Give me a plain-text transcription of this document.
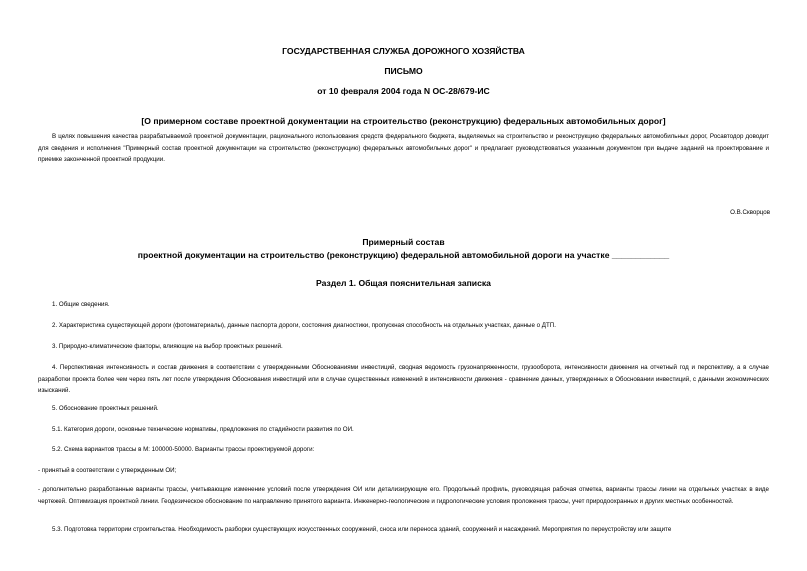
ГОСУДАРСТВЕННАЯ СЛУЖБА ДОРОЖНОГО ХОЗЯЙСТВА
ПИСЬМО
от 10 февраля 2004 года N ОС-28/679-ИС
[О примерном составе проектной документации на строительство (реконструкцию) федеральных автомобильных дорог]
В целях повышения качества разрабатываемой проектной документации, рационального использования средств федерального бюджета, выделяемых на строительство и реконструкцию федеральных автомобильных дорог, Росавтодор доводит для сведения и исполнения "Примерный состав проектной документации на строительство (реконструкцию) федеральных автомобильных дорог" и предлагает руководствоваться указанным документом при выдаче заданий на проектирование и приемке законченной проектной продукции.
О.В.Скворцов
Примерный состав
проектной документации на строительство (реконструкцию) федеральной автомобильной дороги на участке ____________
Раздел 1. Общая пояснительная записка
1. Общие сведения.
2. Характеристика существующей дороги (фотоматериалы), данные паспорта дороги, состояния диагностики, пропускная способность на отдельных участках, данные о ДТП.
3. Природно-климатические факторы, влияющие на выбор проектных решений.
4. Перспективная интенсивность и состав движения в соответствии с утвержденными Обоснованиями инвестиций, сводная ведомость грузонапряженности, грузооборота, интенсивности движения на отчетный год и перспективу, а в случае разработки проекта более чем через пять лет после утверждения Обоснования инвестиций или в случае существенных изменений в интенсивности движения - сравнение данных, утвержденных в Обосновании инвестиций, с данными экономических изысканий.
5. Обоснование проектных решений.
5.1. Категория дороги, основные технические нормативы, предложения по стадийности развития по ОИ.
5.2. Схема вариантов трассы в М: 100000-50000. Варианты трассы проектируемой дороги:
- принятый в соответствии с утвержденным ОИ;
- дополнительно разработанные варианты трассы, учитывающие изменение условий после утверждения ОИ или детализирующие его. Продольный профиль, руководящая рабочая отметка, варианты трассы линии на отдельных участках в виде чертежей. Оптимизация проектной линии. Геодезическое обоснование по направлению принятого варианта. Инженерно-геологические и гидрологические условия проложения трассы, учет природоохранных и других местных особенностей.
5.3. Подготовка территории строительства. Необходимость разборки существующих искусственных сооружений, сноса или переноса зданий, сооружений и насаждений. Мероприятия по переустройству или защите
